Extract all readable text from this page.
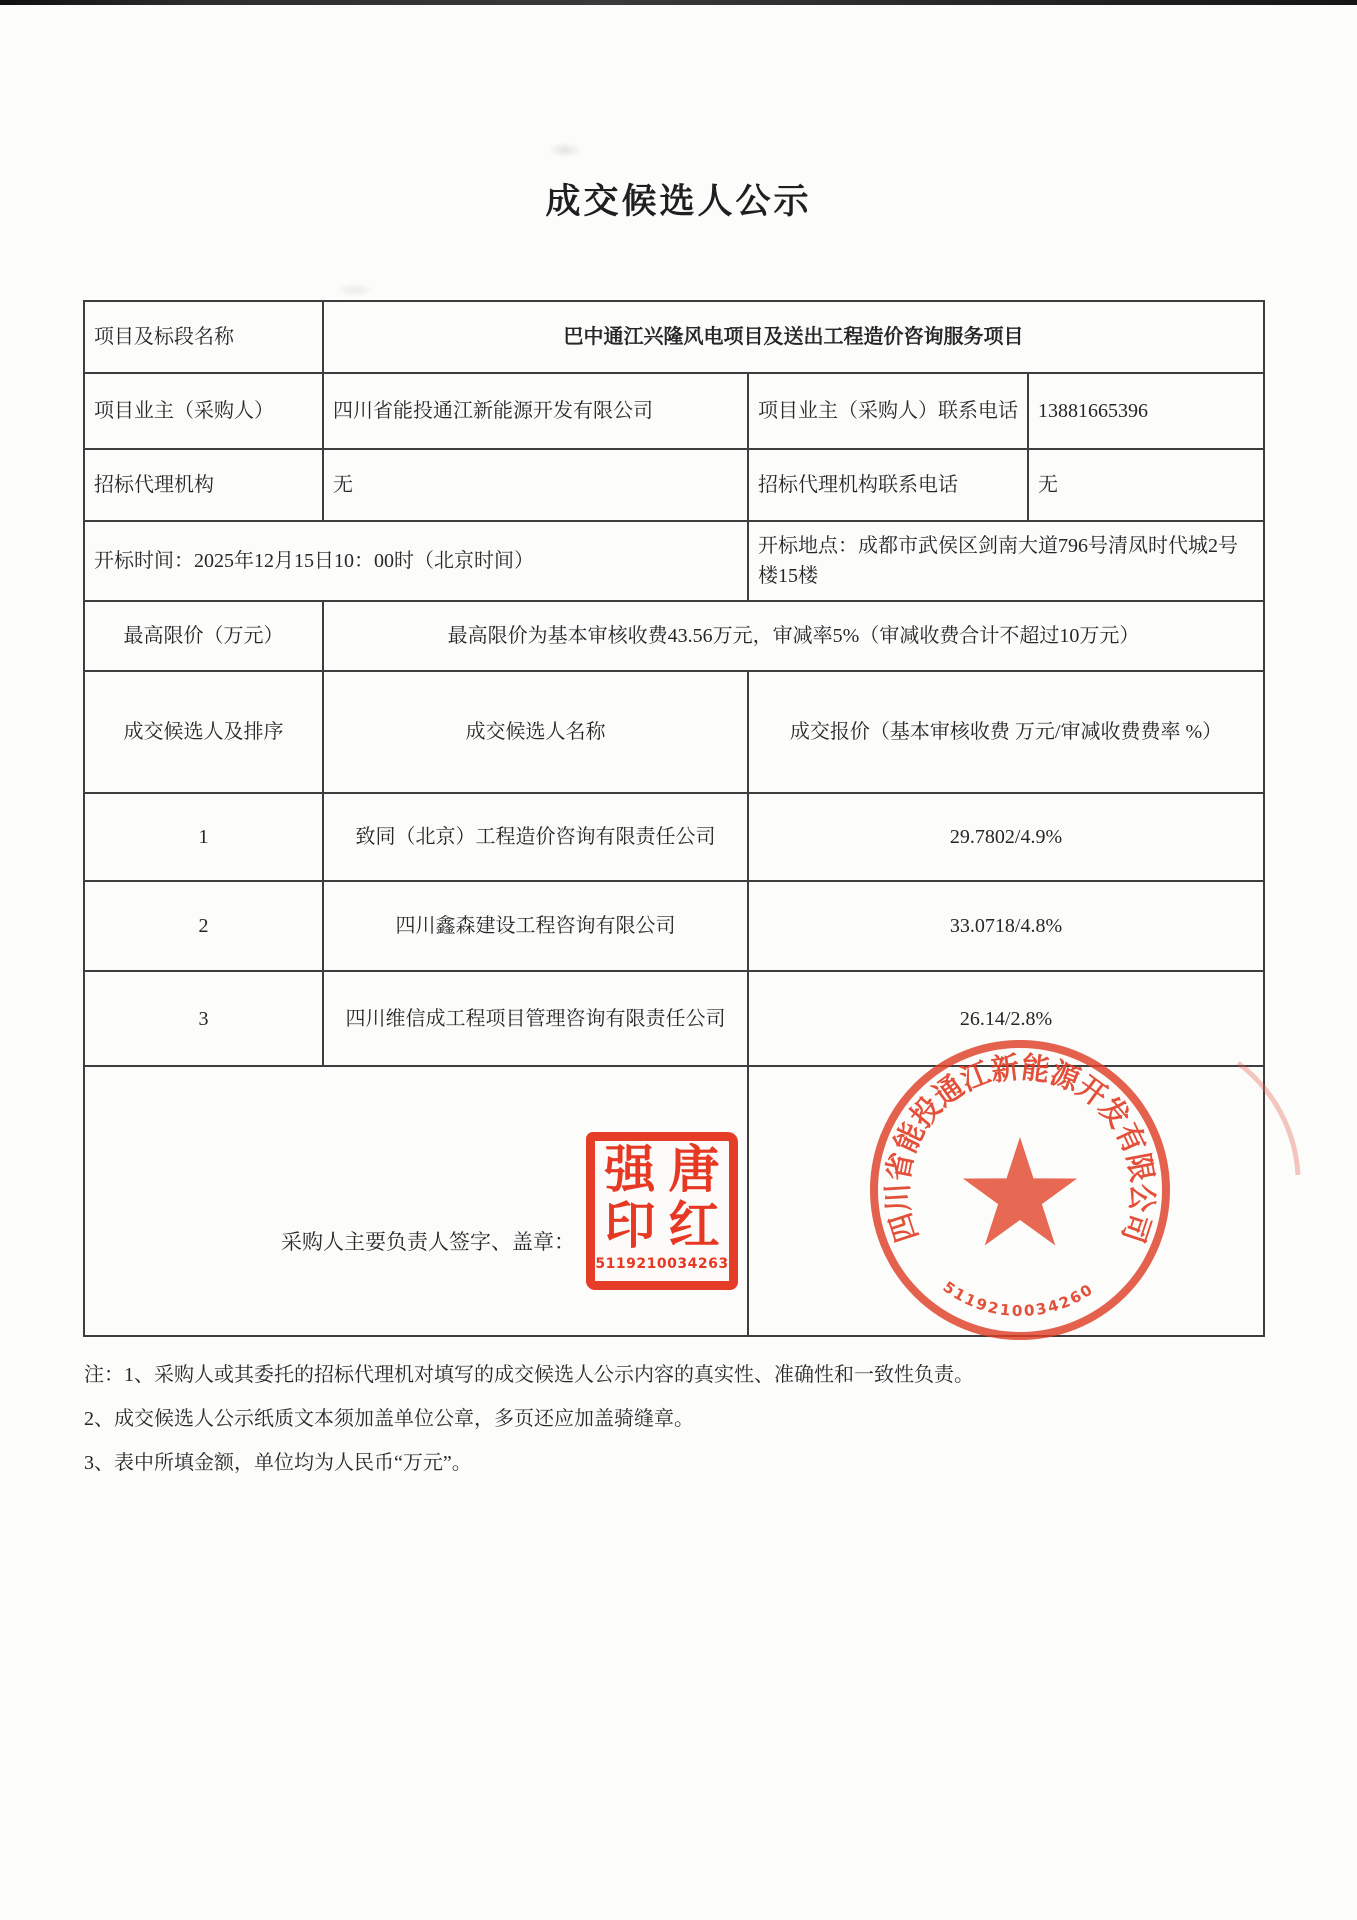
成交候选人公示
项目及标段名称	巴中通江兴隆风电项目及送出工程造价咨询服务项目		
项目业主（采购人）	四川省能投通江新能源开发有限公司	项目业主（采购人）联系电话	13881665396
招标代理机构	无	招标代理机构联系电话	无
开标时间：2025年12月15日10：00时（北京时间）		开标地点：成都市武侯区剑南大道796号清凤时代城2号楼15楼	
最高限价（万元）	最高限价为基本审核收费43.56万元，审减率5%（审减收费合计不超过10万元）		
成交候选人及排序	成交候选人名称	成交报价（基本审核收费 万元/审减收费费率 %）	
1	致同（北京）工程造价咨询有限责任公司	29.7802/4.9%	
2	四川鑫森建设工程咨询有限公司	33.0718/4.8%	
3	四川维信成工程项目管理咨询有限责任公司	26.14/2.8%	

采购人主要负责人签字、盖章：			

强 唐
印 红
5119210034263
四川省能投通江新能源开发有限公司
5119210034260
注：1、采购人或其委托的招标代理机对填写的成交候选人公示内容的真实性、准确性和一致性负责。
2、成交候选人公示纸质文本须加盖单位公章，多页还应加盖骑缝章。
3、表中所填金额，单位均为人民币“万元”。
